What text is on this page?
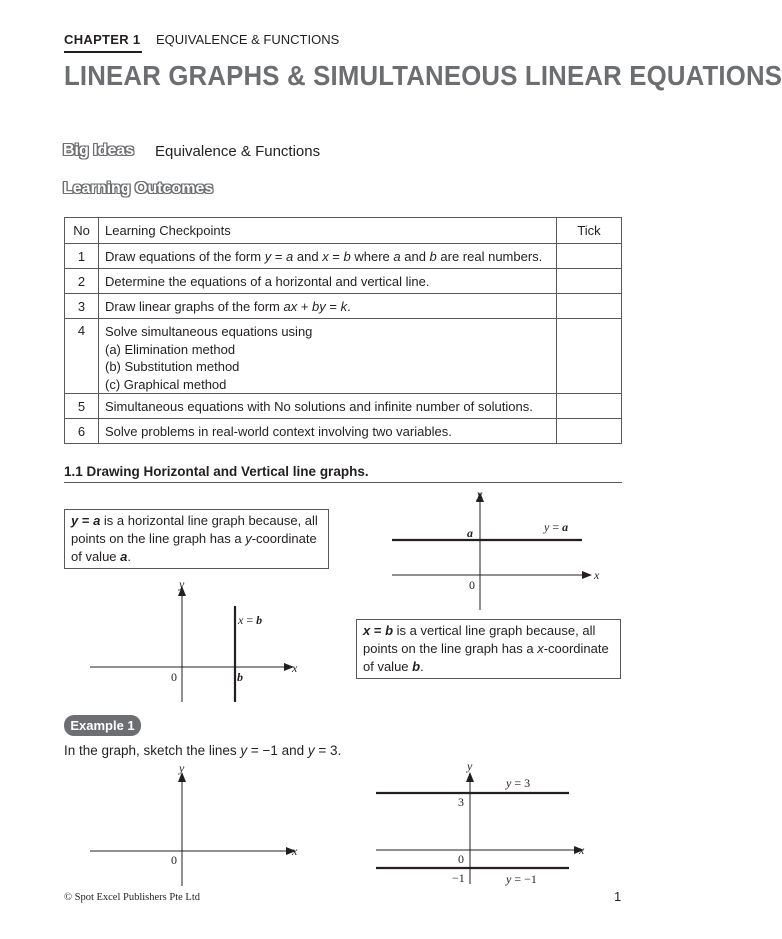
CHAPTER 1 EQUIVALENCE & FUNCTIONS
LINEAR GRAPHS & SIMULTANEOUS LINEAR EQUATIONS
Big Ideas Equivalence & Functions
Learning Outcomes
No	Learning Checkpoints	Tick
1	Draw equations of the form y = a and x = b where a and b are real numbers.	
2	Determine the equations of a horizontal and vertical line.	
3	Draw linear graphs of the form ax + by = k.	
4	Solve simultaneous equations using
(a) Elimination method
(b) Substitution method
(c) Graphical method	

5	Simultaneous equations with No solutions and infinite number of solutions.	
6	Solve problems in real-world context involving two variables.	
1.1 Drawing Horizontal and Vertical line graphs.
y = a is a horizontal line graph because, all points on the line graph has a y-coordinate of value a.
x = b is a vertical line graph because, all points on the line graph has a x-coordinate of value b.
y
x
0
a	y = a
y
x
0	b
x = b
Example 1
In the graph, sketch the lines y = −1 and y = 3.
y
x
0
y
x
0
3
−1
y = 3
y = −1
© Spot Excel Publishers Pte Ltd	1
